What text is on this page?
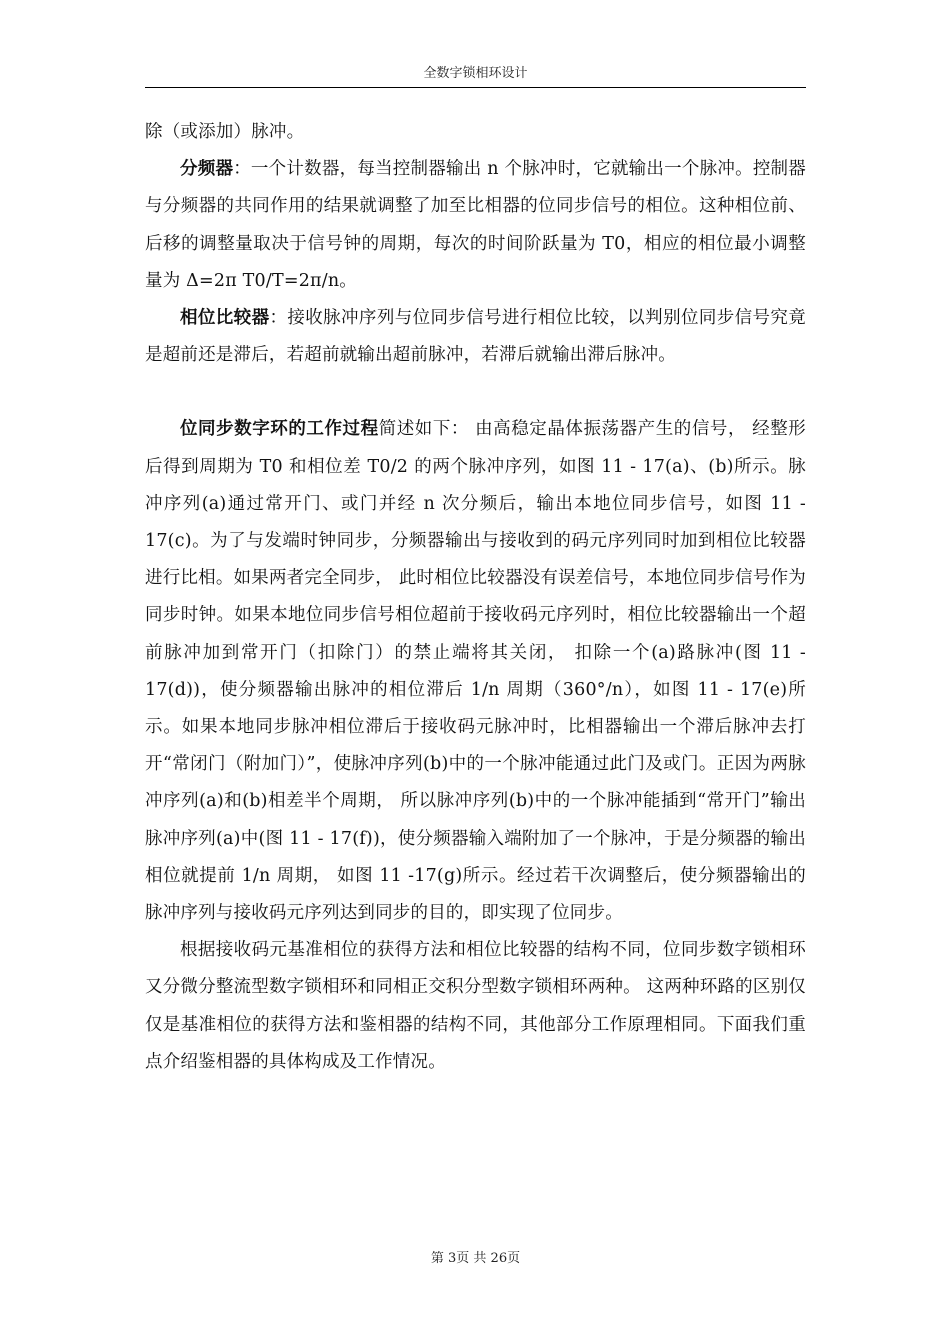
全数字锁相环设计

除（或添加）脉冲。

分频器：一个计数器，每当控制器输出 n 个脉冲时，它就输出一个脉冲。控制器与分频器的共同作用的结果就调整了加至比相器的位同步信号的相位。这种相位前、后移的调整量取决于信号钟的周期，每次的时间阶跃量为 T0，相应的相位最小调整量为 Δ=2π T0/T=2π/n。

相位比较器：接收脉冲序列与位同步信号进行相位比较，以判别位同步信号究竟是超前还是滞后，若超前就输出超前脉冲，若滞后就输出滞后脉冲。

位同步数字环的工作过程简述如下： 由高稳定晶体振荡器产生的信号， 经整形后得到周期为 T0 和相位差 T0/2 的两个脉冲序列，如图 11 - 17(a)、(b)所示。脉冲序列(a)通过常开门、或门并经 n 次分频后，输出本地位同步信号，如图 11 - 17(c)。为了与发端时钟同步，分频器输出与接收到的码元序列同时加到相位比较器进行比相。如果两者完全同步， 此时相位比较器没有误差信号，本地位同步信号作为同步时钟。如果本地位同步信号相位超前于接收码元序列时，相位比较器输出一个超前脉冲加到常开门（扣除门）的禁止端将其关闭， 扣除一个(a)路脉冲(图 11 - 17(d))，使分频器输出脉冲的相位滞后 1/n 周期（360°/n），如图 11 - 17(e)所示。如果本地同步脉冲相位滞后于接收码元脉冲时，比相器输出一个滞后脉冲去打开“常闭门（附加门）”，使脉冲序列(b)中的一个脉冲能通过此门及或门。正因为两脉冲序列(a)和(b)相差半个周期， 所以脉冲序列(b)中的一个脉冲能插到“常开门”输出脉冲序列(a)中(图 11 - 17(f))，使分频器输入端附加了一个脉冲，于是分频器的输出相位就提前 1/n 周期， 如图 11 -17(g)所示。经过若干次调整后，使分频器输出的脉冲序列与接收码元序列达到同步的目的，即实现了位同步。

根据接收码元基准相位的获得方法和相位比较器的结构不同，位同步数字锁相环又分微分整流型数字锁相环和同相正交积分型数字锁相环两种。 这两种环路的区别仅仅是基准相位的获得方法和鉴相器的结构不同，其他部分工作原理相同。下面我们重点介绍鉴相器的具体构成及工作情况。

第 3页 共 26页
